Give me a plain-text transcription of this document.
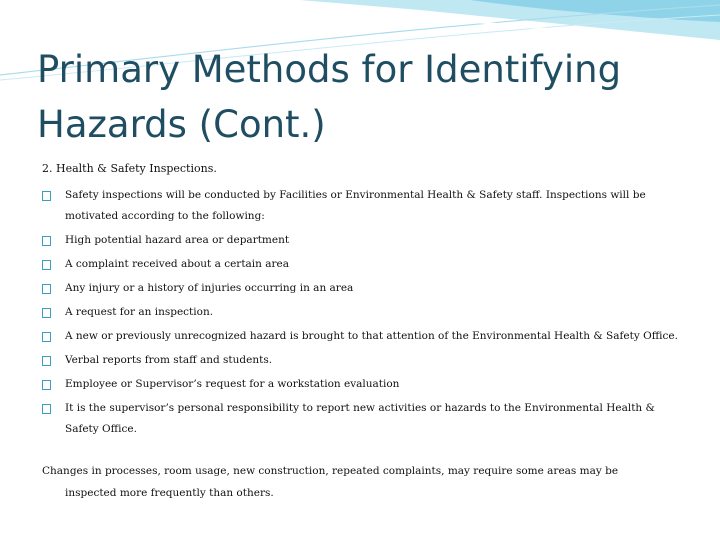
Primary Methods for Identifying Hazards (Cont.)

2. Health & Safety Inspections.

Safety inspections will be conducted by Facilities or Environmental Health & Safety staff. Inspections will be motivated according to the following:
High potential hazard area or department
A complaint received about a certain area
Any injury or a history of injuries occurring in an area
A request for an inspection.
A new or previously unrecognized hazard is brought to that attention of the Environmental Health & Safety Office.
Verbal reports from staff and students.
Employee or Supervisor’s request for a workstation evaluation
It is the supervisor’s personal responsibility to report new activities or hazards to the Environmental Health & Safety Office.

Changes in processes, room usage, new construction, repeated complaints, may require some areas may be
inspected more frequently than others.
